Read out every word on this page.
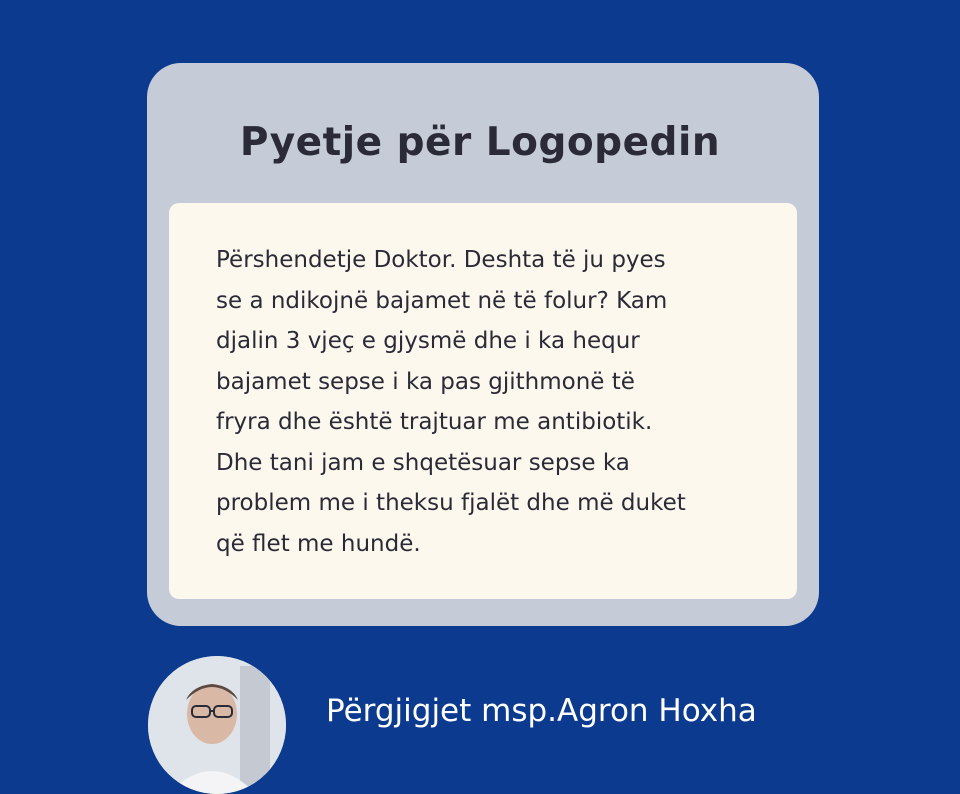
Pyetje për Logopedin

Përshendetje Doktor. Deshta të ju pyes
se a ndikojnë bajamet në të folur? Kam
djalin 3 vjeç e gjysmë dhe i ka hequr
bajamet sepse i ka pas gjithmonë të
fryra dhe është trajtuar me antibiotik.
Dhe tani jam e shqetësuar sepse ka
problem me i theksu fjalët dhe më duket
që flet me hundë.

Përgjigjet msp.Agron Hoxha
